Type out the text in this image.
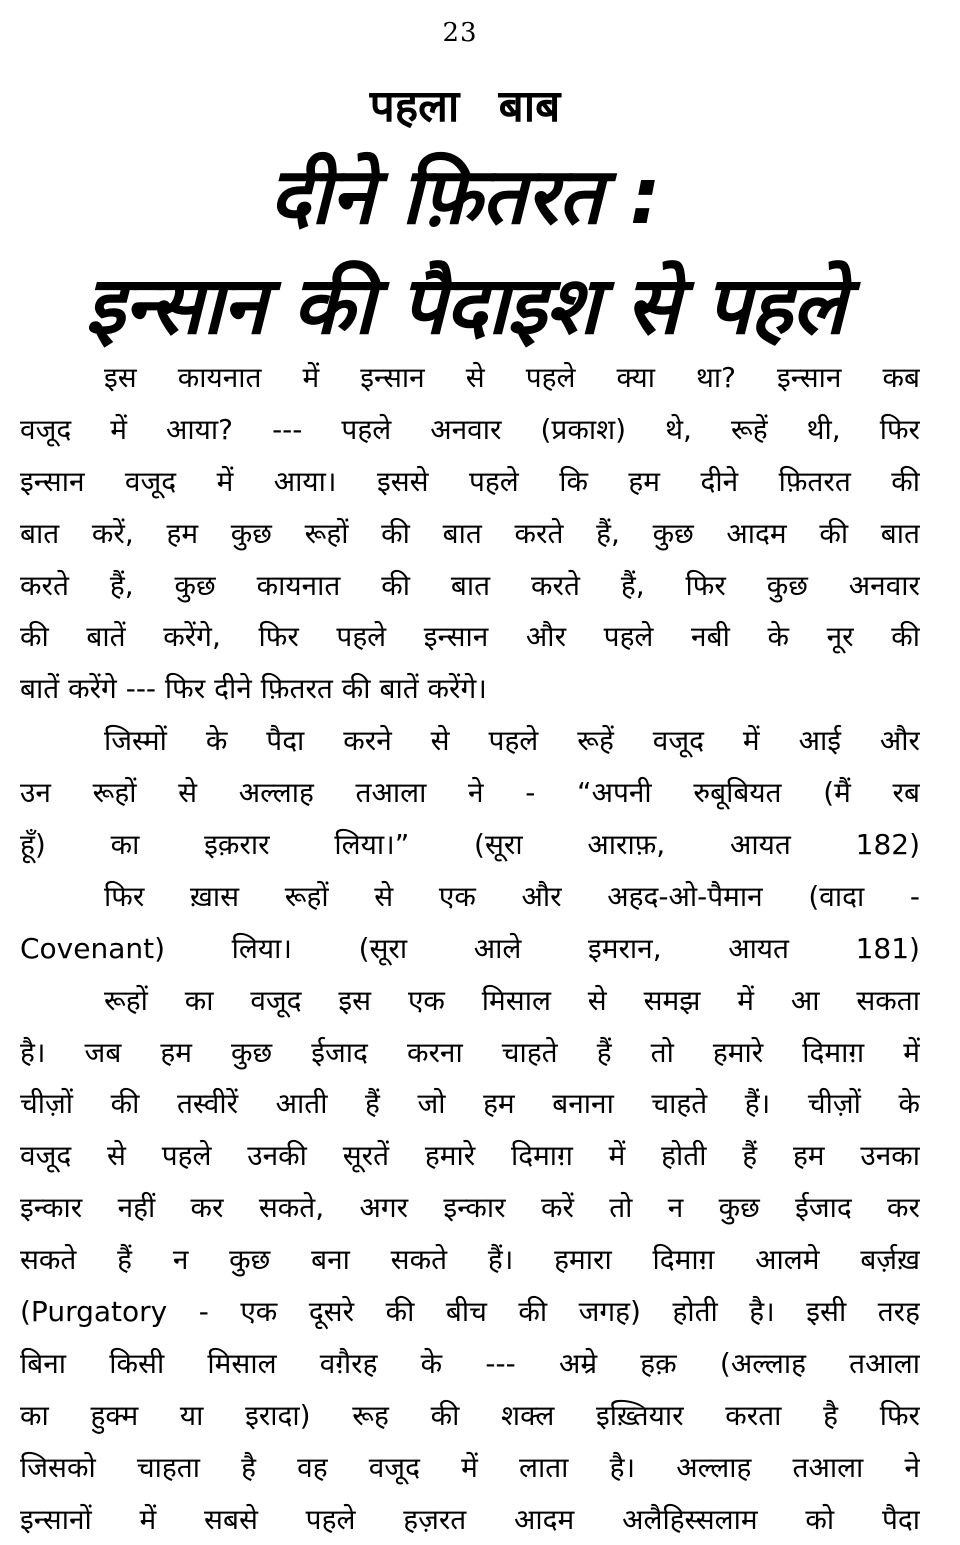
23
पहला बाब
दीने फ़ितरत :
इन्सान की पैदाइश से पहले
इस कायनात में इन्सान से पहले क्या था? इन्सान कब
वजूद में आया? --- पहले अनवार (प्रकाश) थे, रूहें थी, फिर
इन्सान वजूद में आया। इससे पहले कि हम दीने फ़ितरत की
बात करें, हम कुछ रूहों की बात करते हैं, कुछ आदम की बात
करते हैं, कुछ कायनात की बात करते हैं, फिर कुछ अनवार
की बातें करेंगे, फिर पहले इन्सान और पहले नबी के नूर की
बातें करेंगे --- फिर दीने फ़ितरत की बातें करेंगे।
जिस्मों के पैदा करने से पहले रूहें वजूद में आई और
उन रूहों से अल्लाह तआला ने - “अपनी रुबूबियत (मैं रब
हूँ) का इक़रार लिया।” (सूरा आराफ़, आयत 182)
फिर ख़ास रूहों से एक और अहद-ओ-पैमान (वादा -
Covenant) लिया। (सूरा आले इमरान, आयत 181)
रूहों का वजूद इस एक मिसाल से समझ में आ सकता
है। जब हम कुछ ईजाद करना चाहते हैं तो हमारे दिमाग़ में
चीज़ों की तस्वीरें आती हैं जो हम बनाना चाहते हैं। चीज़ों के
वजूद से पहले उनकी सूरतें हमारे दिमाग़ में होती हैं हम उनका
इन्कार नहीं कर सकते, अगर इन्कार करें तो न कुछ ईजाद कर
सकते हैं न कुछ बना सकते हैं। हमारा दिमाग़ आलमे बर्ज़ख़
(Purgatory - एक दूसरे की बीच की जगह) होती है। इसी तरह
बिना किसी मिसाल वग़ैरह के --- अम्रे हक़ (अल्लाह तआला
का हुक्म या इरादा) रूह की शक्ल इख़्तियार करता है फिर
जिसको चाहता है वह वजूद में लाता है। अल्लाह तआला ने
इन्सानों में सबसे पहले हज़रत आदम अलैहिस्सलाम को पैदा
